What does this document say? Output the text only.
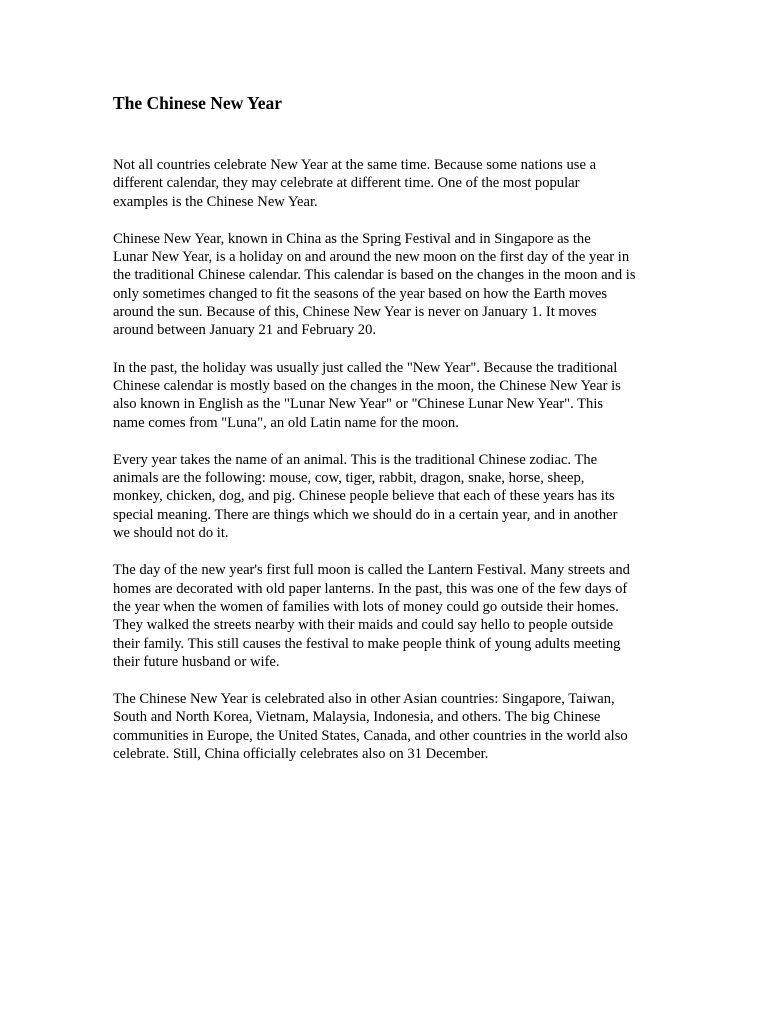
The Chinese New Year

Not all countries celebrate New Year at the same time. Because some nations use a
different calendar, they may celebrate at different time. One of the most popular
examples is the Chinese New Year.

Chinese New Year, known in China as the Spring Festival and in Singapore as the
Lunar New Year, is a holiday on and around the new moon on the first day of the year in
the traditional Chinese calendar. This calendar is based on the changes in the moon and is
only sometimes changed to fit the seasons of the year based on how the Earth moves
around the sun. Because of this, Chinese New Year is never on January 1. It moves
around between January 21 and February 20.

In the past, the holiday was usually just called the "New Year". Because the traditional
Chinese calendar is mostly based on the changes in the moon, the Chinese New Year is
also known in English as the "Lunar New Year" or "Chinese Lunar New Year". This
name comes from "Luna", an old Latin name for the moon.

Every year takes the name of an animal. This is the traditional Chinese zodiac. The
animals are the following: mouse, cow, tiger, rabbit, dragon, snake, horse, sheep,
monkey, chicken, dog, and pig. Chinese people believe that each of these years has its
special meaning. There are things which we should do in a certain year, and in another
we should not do it.

The day of the new year's first full moon is called the Lantern Festival. Many streets and
homes are decorated with old paper lanterns. In the past, this was one of the few days of
the year when the women of families with lots of money could go outside their homes.
They walked the streets nearby with their maids and could say hello to people outside
their family. This still causes the festival to make people think of young adults meeting
their future husband or wife.

The Chinese New Year is celebrated also in other Asian countries: Singapore, Taiwan,
South and North Korea, Vietnam, Malaysia, Indonesia, and others. The big Chinese
communities in Europe, the United States, Canada, and other countries in the world also
celebrate. Still, China officially celebrates also on 31 December.
